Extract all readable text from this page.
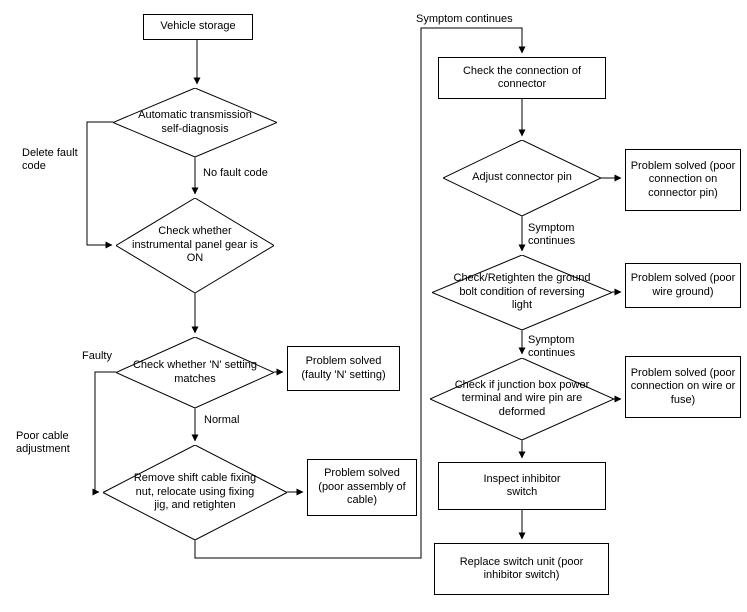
Vehicle storage
Automatic transmission self-diagnosis
Check whether instrumental panel gear is ON
Check whether 'N' setting matches
Remove shift cable fixing nut, relocate using fixing jig, and retighten
Problem solved (faulty 'N' setting)
Problem solved (poor assembly of cable)
Check the connection of connector
Adjust connector pin
Problem solved (poor connection on connector pin)
Check/Retighten the ground bolt condition of reversing light
Problem solved (poor wire ground)
Check if junction box power terminal and wire pin are deformed
Problem solved (poor connection on wire or fuse)
Inspect inhibitor switch
Replace switch unit (poor inhibitor switch)
Delete fault code
No fault code
Faulty
Normal
Poor cable adjustment
Symptom continues
Symptom continues
Symptom continues
